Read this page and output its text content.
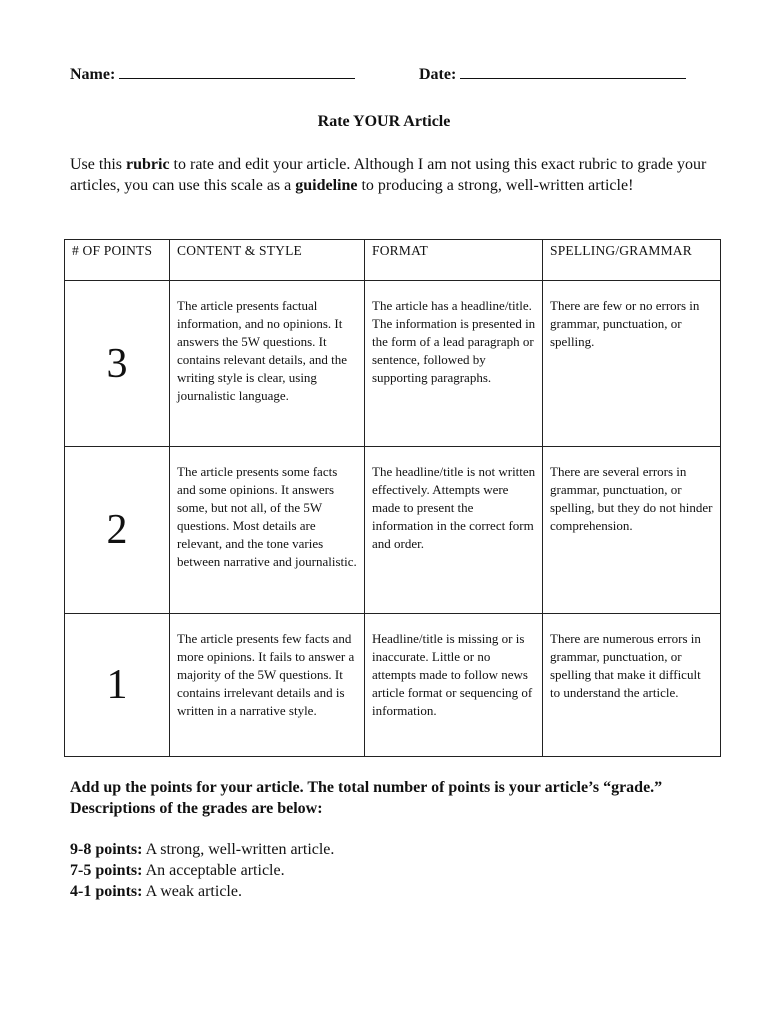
Name:	Date:
Rate YOUR Article
Use this rubric to rate and edit your article. Although I am not using this exact rubric to grade your articles, you can use this scale as a guideline to producing a strong, well-written article!
# OF POINTS	CONTENT & STYLE	FORMAT	SPELLING/GRAMMAR
3	The article presents factual information, and no opinions. It answers the 5W questions. It contains relevant details, and the writing style is clear, using journalistic language.	The article has a headline/title. The information is presented in the form of a lead paragraph or sentence, followed by supporting paragraphs.	There are few or no errors in grammar, punctuation, or spelling.
2	The article presents some facts and some opinions. It answers some, but not all, of the 5W questions. Most details are relevant, and the tone varies between narrative and journalistic.	The headline/title is not written effectively. Attempts were made to present the information in the correct form and order.	There are several errors in grammar, punctuation, or spelling, but they do not hinder comprehension.
1	The article presents few facts and more opinions. It fails to answer a majority of the 5W questions. It contains irrelevant details and is written in a narrative style.	Headline/title is missing or is inaccurate. Little or no attempts made to follow news article format or sequencing of information.	There are numerous errors in grammar, punctuation, or spelling that make it difficult to understand the article.
Add up the points for your article. The total number of points is your article’s “grade.” Descriptions of the grades are below:
9-8 points: A strong, well-written article.
7-5 points: An acceptable article.
4-1 points: A weak article.
